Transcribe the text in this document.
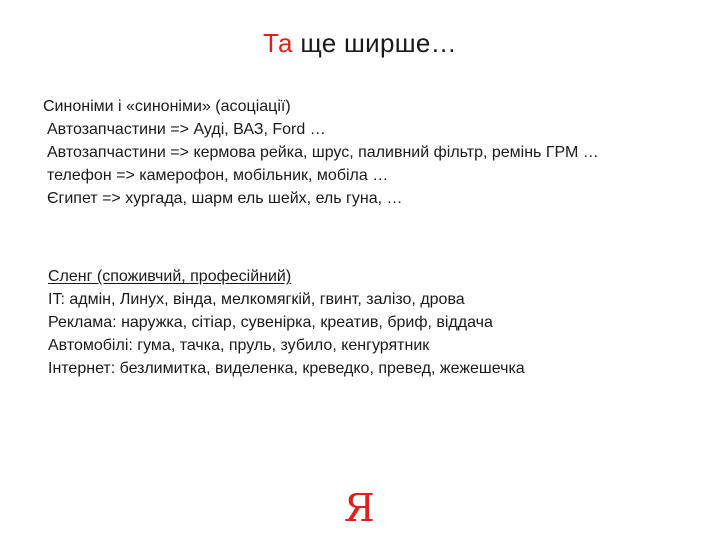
Та ще ширше…
Синоніми і «синоніми» (асоціації)
Автозапчастини => Ауді, ВАЗ, Ford …
Автозапчастини => кермова рейка, шрус, паливний фільтр, ремінь ГРМ …
телефон => камерофон, мобільник, мобіла …
Єгипет => хургада, шарм ель шейх, ель гуна, …
Сленг (споживчий, професійний)
IT: адмін, Линух, вінда, мелкомягкій, гвинт, залізо, дрова
Реклама: наружка, сітіар, сувенірка, креатив, бриф, віддача
Автомобілі: гума, тачка, пруль, зубило, кенгурятник
Інтернет: безлимитка, виделенка, креведко, превед, жежешечка
Я
